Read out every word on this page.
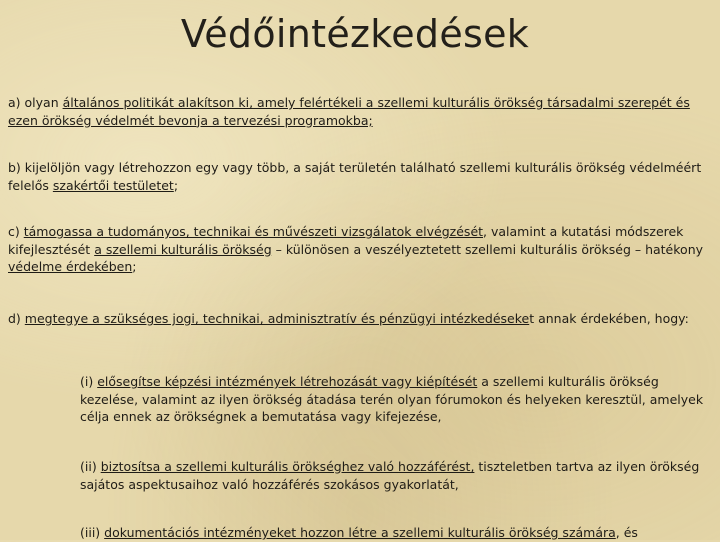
Védőintézkedések
a) olyan általános politikát alakítson ki, amely felértékeli a szellemi kulturális örökség társadalmi szerepét és ezen örökség védelmét bevonja a tervezési programokba;
b) kijelöljön vagy létrehozzon egy vagy több, a saját területén található szellemi kulturális örökség védelméért felelős szakértői testületet;
c) támogassa a tudományos, technikai és művészeti vizsgálatok elvégzését, valamint a kutatási módszerek kifejlesztését a szellemi kulturális örökség – különösen a veszélyeztetett szellemi kulturális örökség – hatékony védelme érdekében;
d) megtegye a szükséges jogi, technikai, adminisztratív és pénzügyi intézkedéseket annak érdekében, hogy:
(i) elősegítse képzési intézmények létrehozását vagy kiépítését a szellemi kulturális örökség kezelése, valamint az ilyen örökség átadása terén olyan fórumokon és helyeken keresztül, amelyek célja ennek az örökségnek a bemutatása vagy kifejezése,
(ii) biztosítsa a szellemi kulturális örökséghez való hozzáférést, tiszteletben tartva az ilyen örökség sajátos aspektusaihoz való hozzáférés szokásos gyakorlatát,
(iii) dokumentációs intézményeket hozzon létre a szellemi kulturális örökség számára, és
